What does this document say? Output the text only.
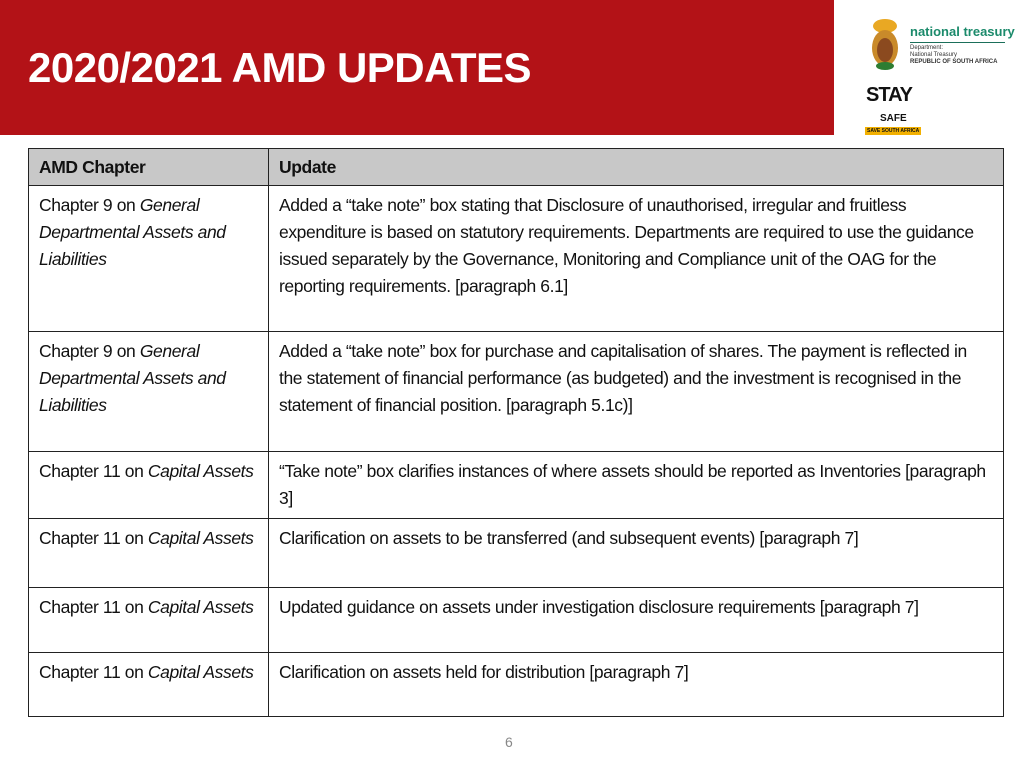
2020/2021 AMD UPDATES
national treasury
Department:
National Treasury
REPUBLIC OF SOUTH AFRICA
STAY
SAFE
SAVE SOUTH AFRICA
AMD Chapter	Update
Chapter 9 on General Departmental Assets and Liabilities	Added a “take note” box stating that Disclosure of unauthorised, irregular and fruitless expenditure is based on statutory requirements. Departments are required to use the guidance issued separately by the Governance, Monitoring and Compliance unit of the OAG for the reporting requirements. [paragraph 6.1]
Chapter 9 on General Departmental Assets and Liabilities	Added a “take note” box for purchase and capitalisation of shares. The payment is reflected in the statement of financial performance (as budgeted) and the investment is recognised in the statement of financial position. [paragraph 5.1c)]
Chapter 11 on Capital Assets	“Take note” box clarifies instances of where assets should be reported as Inventories [paragraph 3]
Chapter 11 on Capital Assets	Clarification on assets to be transferred (and subsequent events) [paragraph 7]
Chapter 11 on Capital Assets	Updated guidance on assets under investigation disclosure requirements [paragraph 7]
Chapter 11 on Capital Assets	Clarification on assets held for distribution [paragraph 7]
6
